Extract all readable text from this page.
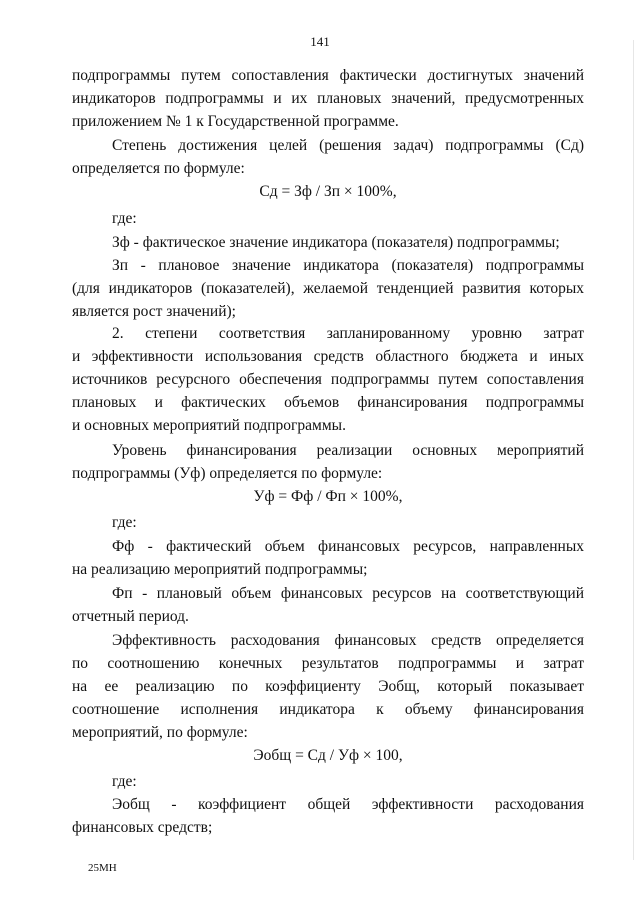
141
подпрограммы путем сопоставления фактически достигнутых значений
индикаторов подпрограммы и их плановых значений, предусмотренных
приложением № 1 к Государственной программе.
Степень достижения целей (решения задач) подпрограммы (Сд)
определяется по формуле:
Сд = Зф / Зп × 100%,
где:
Зф - фактическое значение индикатора (показателя) подпрограммы;
Зп - плановое значение индикатора (показателя) подпрограммы
(для индикаторов (показателей), желаемой тенденцией развития которых
является рост значений);
2. степени соответствия запланированному уровню затрат
и эффективности использования средств областного бюджета и иных
источников ресурсного обеспечения подпрограммы путем сопоставления
плановых и фактических объемов финансирования подпрограммы
и основных мероприятий подпрограммы.
Уровень финансирования реализации основных мероприятий
подпрограммы (Уф) определяется по формуле:
Уф = Фф / Фп × 100%,
где:
Фф - фактический объем финансовых ресурсов, направленных
на реализацию мероприятий подпрограммы;
Фп - плановый объем финансовых ресурсов на соответствующий
отчетный период.
Эффективность расходования финансовых средств определяется
по соотношению конечных результатов подпрограммы и затрат
на ее реализацию по коэффициенту Эобщ, который показывает
соотношение исполнения индикатора к объему финансирования
мероприятий, по формуле:
Эобщ = Сд / Уф × 100,
где:
Эобщ - коэффициент общей эффективности расходования
финансовых средств;
25МН
